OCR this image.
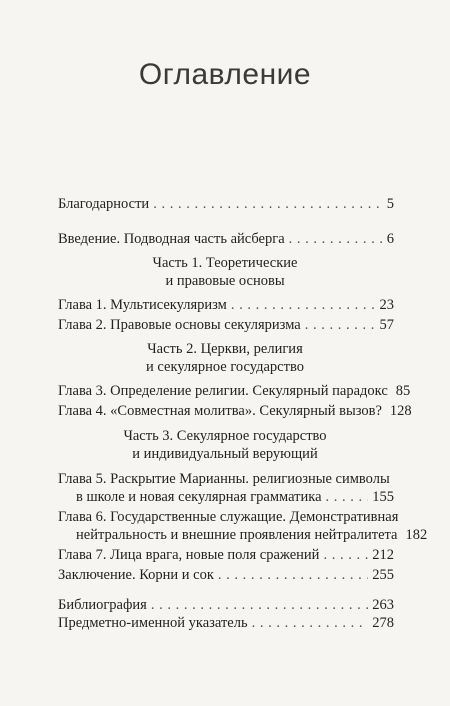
Оглавление
Благодарности . . .	5
Введение. Подводная часть айсберга . . .	6
Часть 1. Теоретические
и правовые основы
Глава 1. Мультисекуляризм . . .	23
Глава 2. Правовые основы секуляризма . . .	57
Часть 2. Церкви, религия
и секулярное государство
Глава 3. Определение религии. Секулярный парадокс 85
Глава 4. «Совместная молитва». Секулярный вызов? 128
Часть 3. Секулярное государство
и индивидуальный верующий
Глава 5. Раскрытие Марианны. религиозные символы
в школе и новая секулярная грамматика . . .	155
Глава 6. Государственные служащие. Демонстративная
нейтральность и внешние проявления нейтралитета 182
Глава 7. Лица врага, новые поля сражений . . .	212
Заключение. Корни и сок . . .	255
Библиография . . .	263
Предметно-именной указатель . . .	278
